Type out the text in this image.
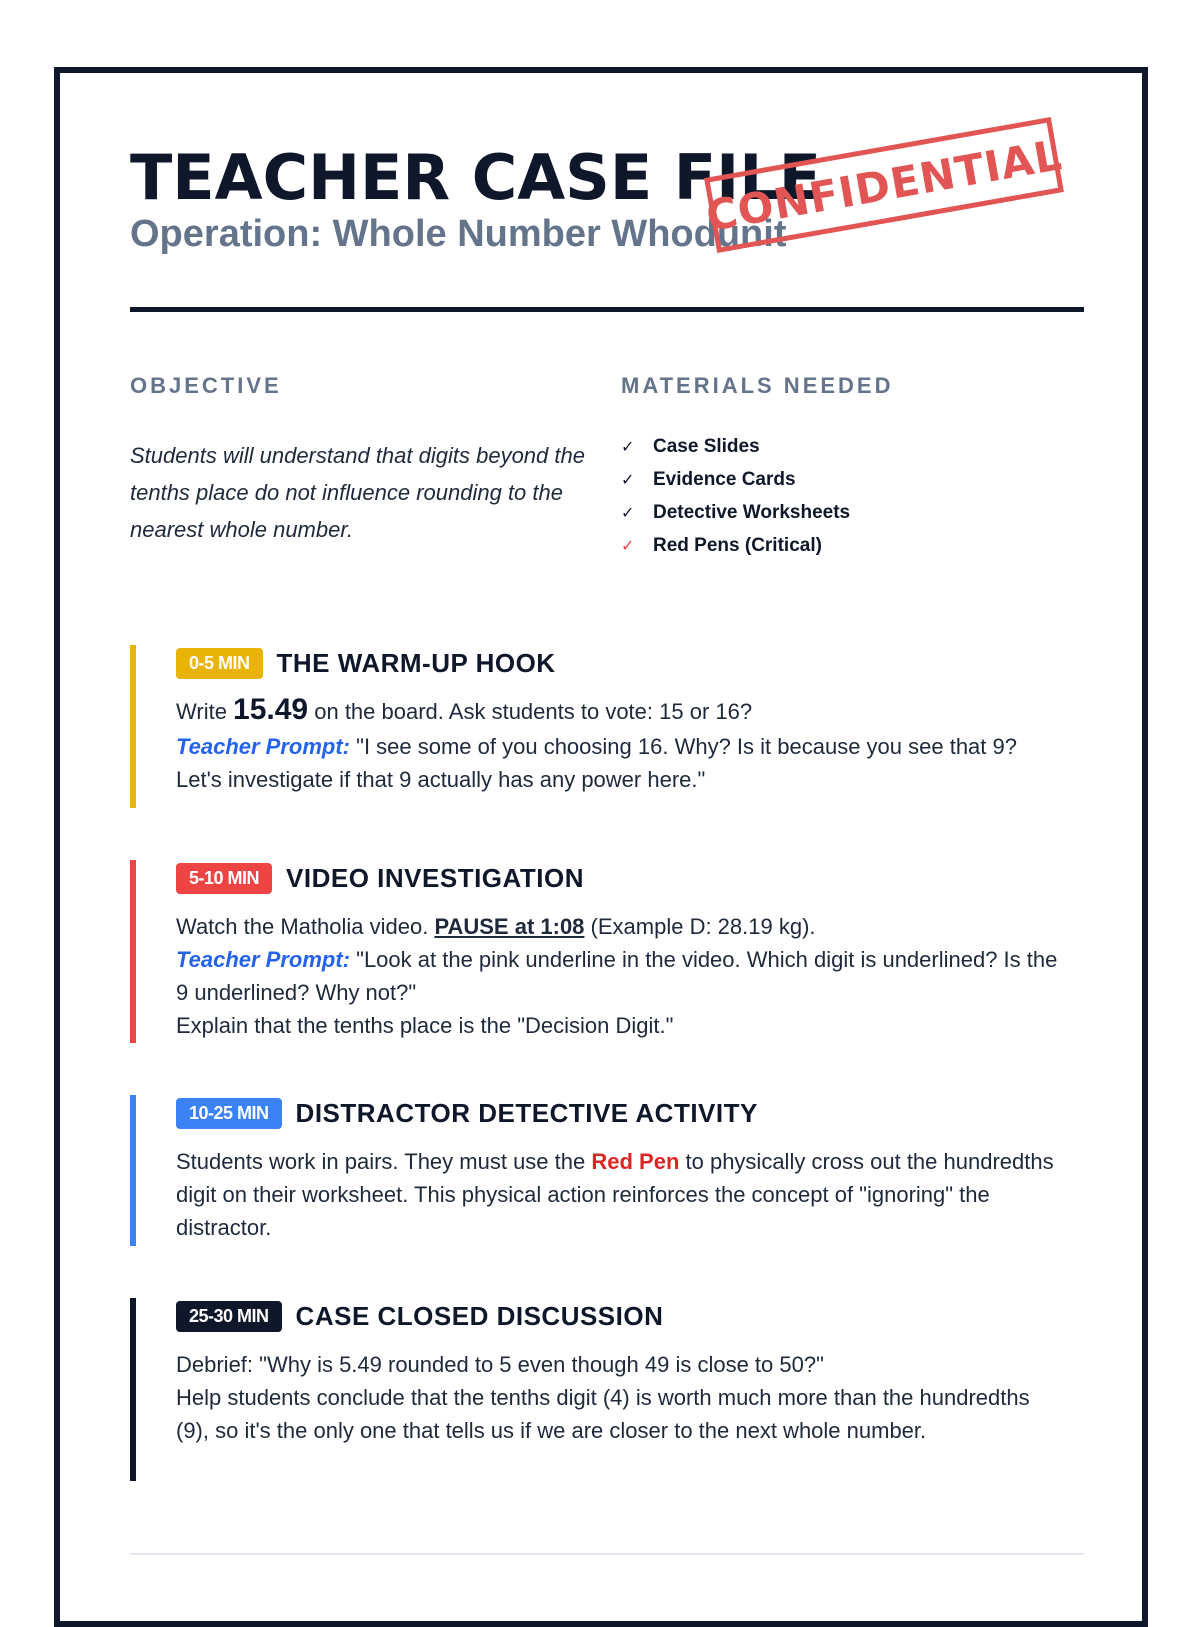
TEACHER CASE FILE
Operation: Whole Number Whodunit
CONFIDENTIAL
OBJECTIVE
Students will understand that digits beyond the tenths place do not influence rounding to the nearest whole number.
MATERIALS NEEDED
✓ Case Slides
✓ Evidence Cards
✓ Detective Worksheets
✓ Red Pens (Critical)
0-5 MIN	THE WARM-UP HOOK
Write 15.49 on the board. Ask students to vote: 15 or 16?
Teacher Prompt: "I see some of you choosing 16. Why? Is it because you see that 9? Let's investigate if that 9 actually has any power here."
5-10 MIN	VIDEO INVESTIGATION
Watch the Matholia video. PAUSE at 1:08 (Example D: 28.19 kg).
Teacher Prompt: "Look at the pink underline in the video. Which digit is underlined? Is the 9 underlined? Why not?"
Explain that the tenths place is the "Decision Digit."
10-25 MIN	DISTRACTOR DETECTIVE ACTIVITY
Students work in pairs. They must use the Red Pen to physically cross out the hundredths digit on their worksheet. This physical action reinforces the concept of "ignoring" the distractor.
25-30 MIN	CASE CLOSED DISCUSSION
Debrief: "Why is 5.49 rounded to 5 even though 49 is close to 50?"
Help students conclude that the tenths digit (4) is worth much more than the hundredths (9), so it's the only one that tells us if we are closer to the next whole number.
